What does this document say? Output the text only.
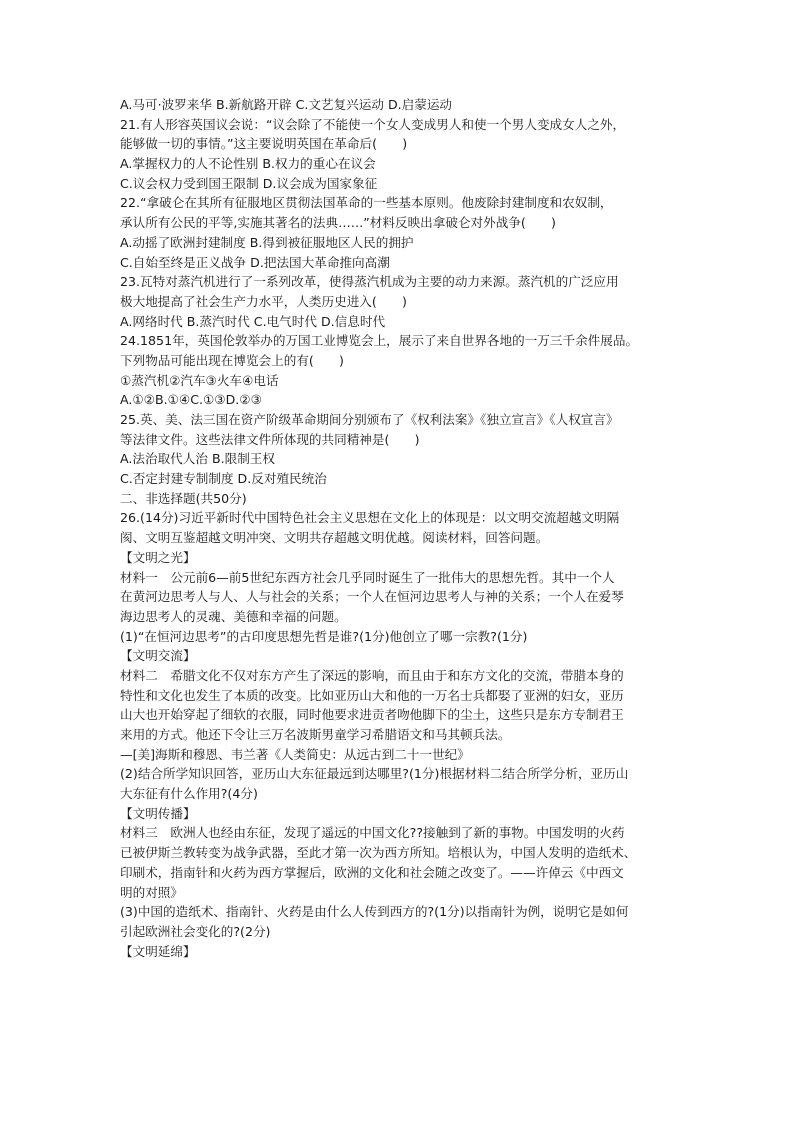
A.马可·波罗来华 B.新航路开辟 C.文艺复兴运动 D.启蒙运动
21.有人形容英国议会说：“议会除了不能使一个女人变成男人和使一个男人变成女人之外，
能够做一切的事情。”这主要说明英国在革命后(　　)
A.掌握权力的人不论性别 B.权力的重心在议会
C.议会权力受到国王限制 D.议会成为国家象征
22.“拿破仑在其所有征服地区贯彻法国革命的一些基本原则。他废除封建制度和农奴制，
承认所有公民的平等,实施其著名的法典……”材料反映出拿破仑对外战争(　　)
A.动摇了欧洲封建制度 B.得到被征服地区人民的拥护
C.自始至终是正义战争 D.把法国大革命推向高潮
23.瓦特对蒸汽机进行了一系列改革，使得蒸汽机成为主要的动力来源。蒸汽机的广泛应用
极大地提高了社会生产力水平，人类历史进入(　　)
A.网络时代 B.蒸汽时代 C.电气时代 D.信息时代
24.1851年，英国伦敦举办的万国工业博览会上，展示了来自世界各地的一万三千余件展品。
下列物品可能出现在博览会上的有(　　)
①蒸汽机②汽车③火车④电话
A.①②B.①④C.①③D.②③
25.英、美、法三国在资产阶级革命期间分别颁布了《权利法案》《独立宣言》《人权宣言》
等法律文件。这些法律文件所体现的共同精神是(　　)
A.法治取代人治 B.限制王权
C.否定封建专制制度 D.反对殖民统治
二、非选择题(共50分)
26.(14分)习近平新时代中国特色社会主义思想在文化上的体现是：以文明交流超越文明隔
阂、文明互鉴超越文明冲突、文明共存超越文明优越。阅读材料，回答问题。
【文明之光】
材料一　公元前6—前5世纪东西方社会几乎同时诞生了一批伟大的思想先哲。其中一个人
在黄河边思考人与人、人与社会的关系；一个人在恒河边思考人与神的关系；一个人在爱琴
海边思考人的灵魂、美德和幸福的问题。
(1)“在恒河边思考”的古印度思想先哲是谁?(1分)他创立了哪一宗教?(1分)
【文明交流】
材料二　希腊文化不仅对东方产生了深远的影响，而且由于和东方文化的交流，带腊本身的
特性和文化也发生了本质的改变。比如亚历山大和他的一万名士兵都娶了亚洲的妇女，亚历
山大也开始穿起了细软的衣服，同时他要求进贡者吻他脚下的尘土，这些只是东方专制君王
来用的方式。他还下令让三万名波斯男童学习希腊语文和马其顿兵法。
—[美]海斯和穆恩、韦兰著《人类简史：从远古到二十一世纪》
(2)结合所学知识回答，亚历山大东征最远到达哪里?(1分)根据材料二结合所学分析，亚历山
大东征有什么作用?(4分)
【文明传播】
材料三　欧洲人也经由东征，发现了遥远的中国文化??接触到了新的事物。中国发明的火药
已被伊斯兰教转变为战争武器，至此才第一次为西方所知。培根认为，中国人发明的造纸术、
印刷术，指南针和火药为西方掌握后，欧洲的文化和社会随之改变了。——许倬云《中西文
明的对照》
(3)中国的造纸术、指南针、火药是由什么人传到西方的?(1分)以指南针为例，说明它是如何
引起欧洲社会变化的?(2分)
【文明延绵】
